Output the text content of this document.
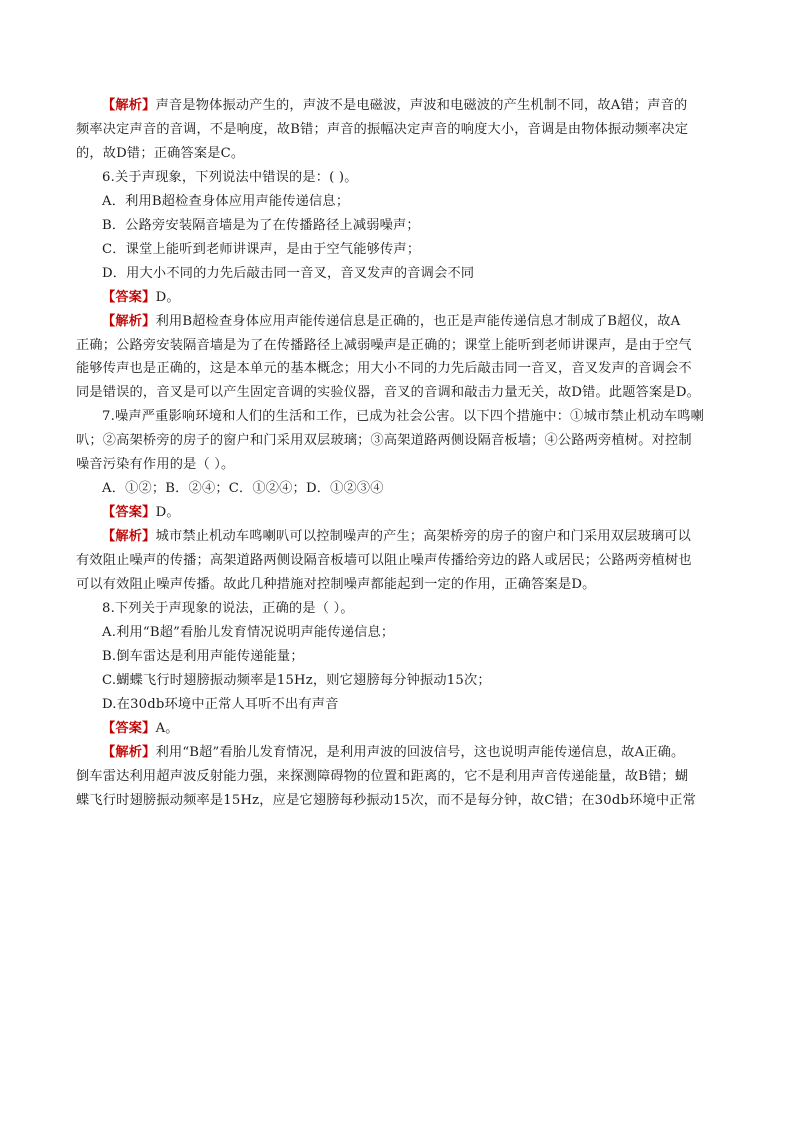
【解析】声音是物体振动产生的，声波不是电磁波，声波和电磁波的产生机制不同，故A错；声音的
频率决定声音的音调，不是响度，故B错；声音的振幅决定声音的响度大小，音调是由物体振动频率决定
的，故D错；正确答案是C。
6.关于声现象，下列说法中错误的是：( )。
A．利用B超检查身体应用声能传递信息；
B．公路旁安装隔音墙是为了在传播路径上减弱噪声；
C．课堂上能听到老师讲课声，是由于空气能够传声；
D．用大小不同的力先后敲击同一音叉，音叉发声的音调会不同
【答案】D。
【解析】利用B超检查身体应用声能传递信息是正确的，也正是声能传递信息才制成了B超仪，故A
正确；公路旁安装隔音墙是为了在传播路径上减弱噪声是正确的；课堂上能听到老师讲课声，是由于空气
能够传声也是正确的，这是本单元的基本概念；用大小不同的力先后敲击同一音叉，音叉发声的音调会不
同是错误的，音叉是可以产生固定音调的实验仪器，音叉的音调和敲击力量无关，故D错。此题答案是D。
7.噪声严重影响环境和人们的生活和工作，已成为社会公害。以下四个措施中：①城市禁止机动车鸣喇
叭；②高架桥旁的房子的窗户和门采用双层玻璃；③高架道路两侧设隔音板墙；④公路两旁植树。对控制
噪音污染有作用的是（ ）。
A．①②；B．②④；C．①②④；D．①②③④
【答案】D。
【解析】城市禁止机动车鸣喇叭可以控制噪声的产生；高架桥旁的房子的窗户和门采用双层玻璃可以
有效阻止噪声的传播；高架道路两侧设隔音板墙可以阻止噪声传播给旁边的路人或居民；公路两旁植树也
可以有效阻止噪声传播。故此几种措施对控制噪声都能起到一定的作用，正确答案是D。
8.下列关于声现象的说法，正确的是（ ）。
A.利用“B超”看胎儿发育情况说明声能传递信息；
B.倒车雷达是利用声能传递能量；
C.蝴蝶飞行时翅膀振动频率是15Hz，则它翅膀每分钟振动15次；
D.在30db环境中正常人耳听不出有声音
【答案】A。
【解析】利用“B超”看胎儿发育情况，是利用声波的回波信号，这也说明声能传递信息，故A正确。
倒车雷达利用超声波反射能力强，来探测障碍物的位置和距离的，它不是利用声音传递能量，故B错；蝴
蝶飞行时翅膀振动频率是15Hz，应是它翅膀每秒振动15次，而不是每分钟，故C错；在30db环境中正常
